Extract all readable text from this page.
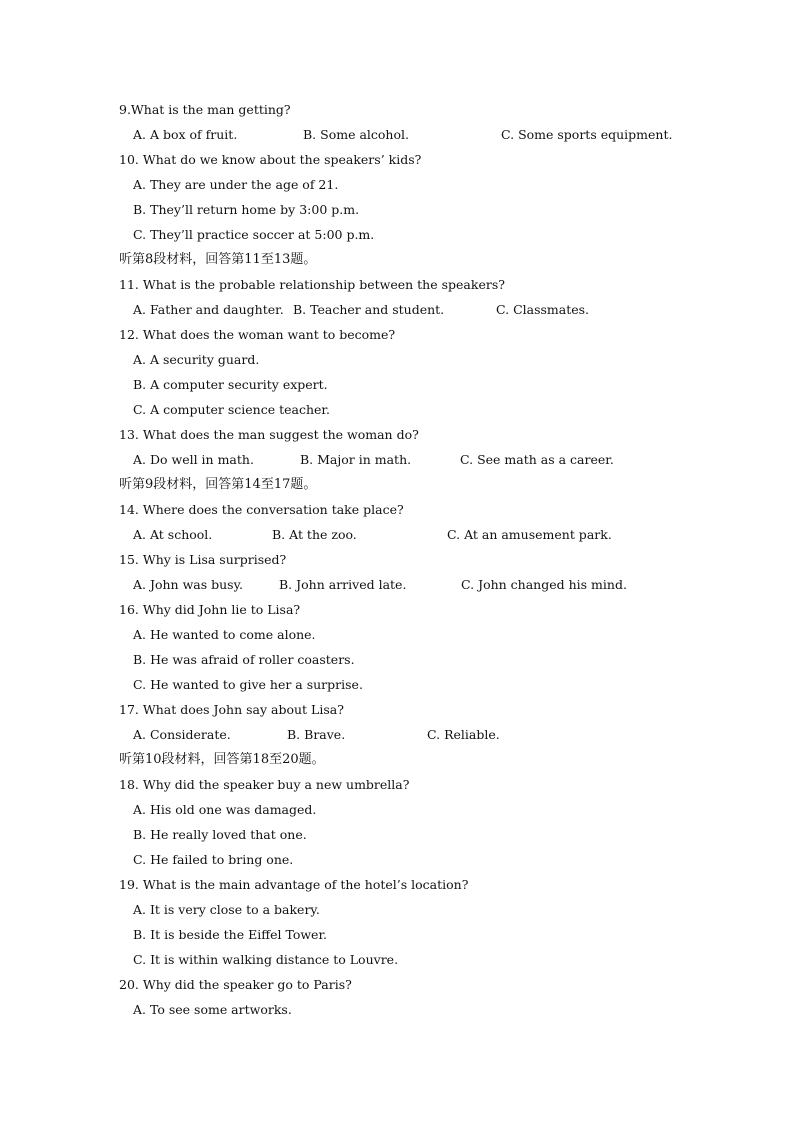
9.What is the man getting?
A. A box of fruit.	B. Some alcohol.	C. Some sports equipment.
10. What do we know about the speakers’ kids?
A. They are under the age of 21.
B. They’ll return home by 3:00 p.m.
C. They’ll practice soccer at 5:00 p.m.
听第8段材料，回答第11至13题。
11. What is the probable relationship between the speakers?
A. Father and daughter. B. Teacher and student.	C. Classmates.
12. What does the woman want to become?
A. A security guard.
B. A computer security expert.
C. A computer science teacher.
13. What does the man suggest the woman do?
A. Do well in math.	B. Major in math.	C. See math as a career.
听第9段材料，回答第14至17题。
14. Where does the conversation take place?
A. At school.	B. At the zoo.	C. At an amusement park.
15. Why is Lisa surprised?
A. John was busy.	B. John arrived late.	C. John changed his mind.
16. Why did John lie to Lisa?
A. He wanted to come alone.
B. He was afraid of roller coasters.
C. He wanted to give her a surprise.
17. What does John say about Lisa?
A. Considerate.	B. Brave.	C. Reliable.
听第10段材料，回答第18至20题。
18. Why did the speaker buy a new umbrella?
A. His old one was damaged.
B. He really loved that one.
C. He failed to bring one.
19. What is the main advantage of the hotel’s location?
A. It is very close to a bakery.
B. It is beside the Eiffel Tower.
C. It is within walking distance to Louvre.
20. Why did the speaker go to Paris?
A. To see some artworks.
